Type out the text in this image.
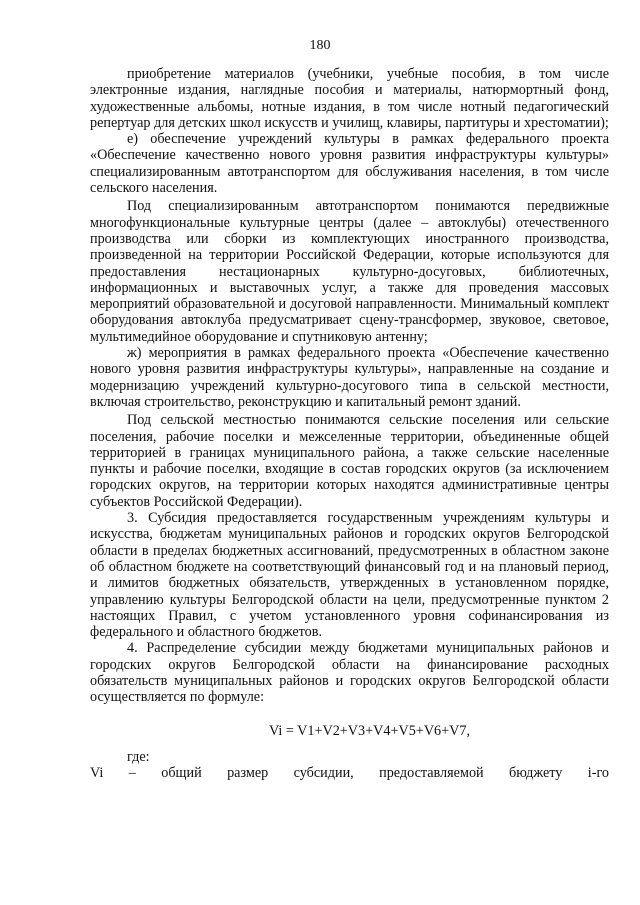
180

приобретение материалов (учебники, учебные пособия, в том числе электронные издания, наглядные пособия и материалы, натюрмортный фонд, художественные альбомы, нотные издания, в том числе нотный педагогический репертуар для детских школ искусств и училищ, клавиры, партитуры и хрестоматии);

е) обеспечение учреждений культуры в рамках федерального проекта «Обеспечение качественно нового уровня развития инфраструктуры культуры» специализированным автотранспортом для обслуживания населения, в том числе сельского населения.

Под специализированным автотранспортом понимаются передвижные многофункциональные культурные центры (далее – автоклубы) отечественного производства или сборки из комплектующих иностранного производства, произведенной на территории Российской Федерации, которые используются для предоставления нестационарных культурно-досуговых, библиотечных, информационных и выставочных услуг, а также для проведения массовых мероприятий образовательной и досуговой направленности. Минимальный комплект оборудования автоклуба предусматривает сцену-трансформер, звуковое, световое, мультимедийное оборудование и спутниковую антенну;

ж) мероприятия в рамках федерального проекта «Обеспечение качественно нового уровня развития инфраструктуры культуры», направленные на создание и модернизацию учреждений культурно-досугового типа в сельской местности, включая строительство, реконструкцию и капитальный ремонт зданий.

Под сельской местностью понимаются сельские поселения или сельские поселения, рабочие поселки и межселенные территории, объединенные общей территорией в границах муниципального района, а также сельские населенные пункты и рабочие поселки, входящие в состав городских округов (за исключением городских округов, на территории которых находятся административные центры субъектов Российской Федерации).

3. Субсидия предоставляется государственным учреждениям культуры и искусства, бюджетам муниципальных районов и городских округов Белгородской области в пределах бюджетных ассигнований, предусмотренных в областном законе об областном бюджете на соответствующий финансовый год и на плановый период, и лимитов бюджетных обязательств, утвержденных в установленном порядке, управлению культуры Белгородской области на цели, предусмотренные пунктом 2 настоящих Правил, с учетом установленного уровня софинансирования из федерального и областного бюджетов.

4. Распределение субсидии между бюджетами муниципальных районов и городских округов Белгородской области на финансирование расходных обязательств муниципальных районов и городских округов Белгородской области осуществляется по формуле:

Vi = V1+V2+V3+V4+V5+V6+V7,

где:

Vi – общий размер субсидии, предоставляемой бюджету i-го
